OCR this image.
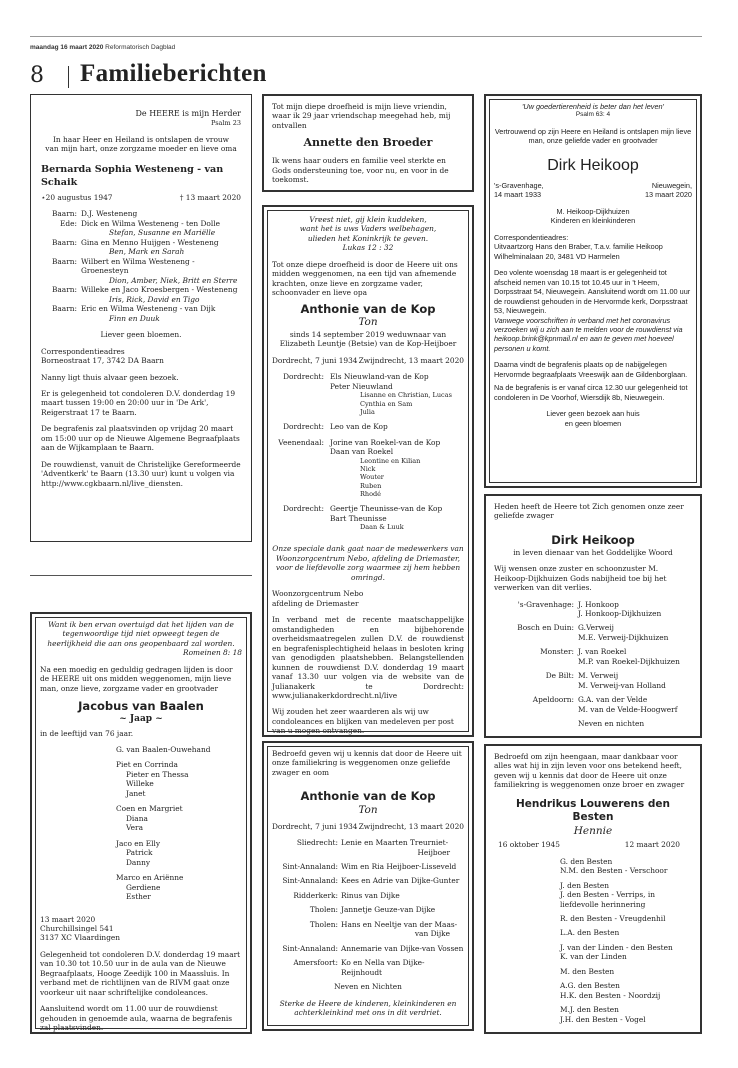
maandag 16 maart 2020 Reformatorisch Dagblad
8 Familieberichten
De HEERE is mijn Herder
Psalm 23
In haar Heer en Heiland is ontslapen de vrouw
van mijn hart, onze zorgzame moeder en lieve oma
Bernarda Sophia Westeneng - van Schaik
⋆20 augustus 1947	† 13 maart 2020
Baarn: D.J. Westeneng
Ede: Dick en Wilma Westeneng - ten Dolle
Stefan, Susanne en Mariëlle
Baarn: Gina en Menno Huijgen - Westeneng
Ben, Mark en Sarah
Baarn: Wilbert en Wilma Westeneng - Groenesteyn
Dion, Amber, Niek, Britt en Sterre
Baarn: Willeke en Jaco Kroesbergen - Westeneng
Iris, Rick, David en Tigo
Baarn: Eric en Wilma Westeneng - van Dijk
Finn en Duuk
Liever geen bloemen.
Correspondentieadres
Borneostraat 17, 3742 DA Baarn
Nanny ligt thuis alvaar geen bezoek.
Er is gelegenheid tot condoleren D.V. donderdag 19 maart tussen 19:00 en 20:00 uur in 'De Ark', Reigerstraat 17 te Baarn.
De begrafenis zal plaatsvinden op vrijdag 20 maart om 15:00 uur op de Nieuwe Algemene Begraafplaats aan de Wijkamplaan te Baarn.
De rouwdienst, vanuit de Christelijke Gereformeerde 'Adventkerk' te Baarn (13.30 uur) kunt u volgen via http://www.cgkbaarn.nl/live_diensten.
Tot mijn diepe droefheid is mijn lieve vriendin, waar ik 29 jaar vriendschap meegehad heb, mij ontvallen
Annette den Broeder
Ik wens haar ouders en familie veel sterkte en Gods ondersteuning toe, voor nu, en voor in de toekomst.
Vreest niet, gij klein kuddeken,
want het is uws Vaders welbehagen,
ulieden het Koninkrijk te geven.
Lukas 12 : 32
Tot onze diepe droefheid is door de Heere uit ons midden weggenomen, na een tijd van afnemende krachten, onze lieve en zorgzame vader, schoonvader en lieve opa
Anthonie van de Kop
Ton
sinds 14 september 2019 weduwnaar van Elizabeth Leuntje (Betsie) van de Kop-Heijboer
Dordrecht, 7 juni 1934 Zwijndrecht, 13 maart 2020
Dordrecht: Els Nieuwland-van de Kop
Peter Nieuwland
Lisanne en Christian, Lucas
Cynthia en Sam
Julia
Dordrecht: Leo van de Kop
Veenendaal: Jorine van Roekel-van de Kop
Daan van Roekel
Leontine en Kilian
Nick
Wouter
Ruben
Rhodé
Dordrecht: Geertje Theunisse-van de Kop
Bart Theunisse
Daan & Luuk
Onze speciale dank gaat naar de medewerkers van Woonzorgcentrum Nebo, afdeling de Driemaster, voor de liefdevolle zorg waarmee zij hem hebben omringd.
Woonzorgcentrum Nebo
afdeling de Driemaster
In verband met de recente maatschappelijke omstandigheden en bijbehorende overheidsmaatregelen zullen D.V. de rouwdienst en begrafenisplechtigheid helaas in besloten kring van genodigden plaatshebben. Belangstellenden kunnen de rouwdienst D.V. donderdag 19 maart vanaf 13.30 uur volgen via de website van de Julianakerk te Dordrecht: www.julianakerkdordrecht.nl/live
Wij zouden het zeer waarderen als wij uw condoleances en blijken van medeleven per post van u mogen ontvangen.
Bedroefd geven wij u kennis dat door de Heere uit onze familiekring is weggenomen onze geliefde zwager en oom
Anthonie van de Kop
Ton
Dordrecht, 7 juni 1934 Zwijndrecht, 13 maart 2020
Sliedrecht: Lenie en Maarten Treurniet-
Heijboer
Sint-Annaland: Wim en Ria Heijboer-Lisseveld
Sint-Annaland: Kees en Adrie van Dijke-Gunter
Ridderkerk: Rinus van Dijke
Tholen: Jannetje Geuze-van Dijke
Tholen: Hans en Neeltje van der Maas-
van Dijke
Sint-Annaland: Annemarie van Dijke-van Vossen
Amersfoort: Ko en Nella van Dijke-Reijnhoudt
Neven en Nichten
Sterke de Heere de kinderen, kleinkinderen en achterkleinkind met ons in dit verdriet.
'Uw goedertierenheid is beter dan het leven'
Psalm 63: 4
Vertrouwend op zijn Heere en Heiland is ontslapen mijn lieve man, onze geliefde vader en grootvader
Dirk Heikoop
's-Gravenhage,	Nieuwegein,
14 maart 1933	13 maart 2020
M. Heikoop-Dijkhuizen
Kinderen en kleinkinderen
Correspondentieadres:
Uitvaartzorg Hans den Braber, T.a.v. familie Heikoop
Wilhelminalaan 20, 3481 VD Harmelen
Deo volente woensdag 18 maart is er gelegenheid tot afscheid nemen van 10.15 tot 10.45 uur in 't Heem, Dorpsstraat 54, Nieuwegein. Aansluitend wordt om 11.00 uur de rouwdienst gehouden in de Hervormde kerk, Dorpsstraat 53, Nieuwegein.
Vanwege voorschriften in verband met het coronavirus verzoeken wij u zich aan te melden voor de rouwdienst via heikoop.brink@kpnmail.nl en aan te geven met hoeveel personen u komt.
Daarna vindt de begrafenis plaats op de nabijgelegen Hervormde begraafplaats Vreeswijk aan de Gildenborglaan.
Na de begrafenis is er vanaf circa 12.30 uur gelegenheid tot condoleren in De Voorhof, Wiersdijk 8b, Nieuwegein.
Liever geen bezoek aan huis
en geen bloemen
Heden heeft de Heere tot Zich genomen onze zeer geliefde zwager
Dirk Heikoop
in leven dienaar van het Goddelijke Woord
Wij wensen onze zuster en schoonzuster M. Heikoop-Dijkhuizen Gods nabijheid toe bij het verwerken van dit verlies.
's-Gravenhage: J. Honkoop
J. Honkoop-Dijkhuizen
Bosch en Duin: G.Verweij
M.E. Verweij-Dijkhuizen
Monster: J. van Roekel
M.P. van Roekel-Dijkhuizen
De Bilt: M. Verweij
M. Verweij-van Holland
Apeldoorn: G.A. van der Velde
M. van de Velde-Hoogwerf
Neven en nichten
Want ik ben ervan overtuigd dat het lijden van de tegenwoordige tijd niet opweegt tegen de heerlijkheid die aan ons geopenbaard zal worden.
Romeinen 8: 18
Na een moedig en geduldig gedragen lijden is door de HEERE uit ons midden weggenomen, mijn lieve man, onze lieve, zorgzame vader en grootvader
Jacobus van Baalen
~ Jaap ~
in de leeftijd van 76 jaar.
G. van Baalen-Ouwehand
Piet en Corrinda
Pieter en Thessa
Willeke
Janet
Coen en Margriet
Diana
Vera
Jaco en Elly
Patrick
Danny
Marco en Ariënne
Gerdiene
Esther
13 maart 2020
Churchillsingel 541
3137 XC Vlaardingen
Gelegenheid tot condoleren D.V. donderdag 19 maart van 10.30 tot 10.50 uur in de aula van de Nieuwe Begraafplaats, Hooge Zeedijk 100 in Maassluis. In verband met de richtlijnen van de RIVM gaat onze voorkeur uit naar schriftelijke condoleances.
Aansluitend wordt om 11.00 uur de rouwdienst gehouden in genoemde aula, waarna de begrafenis zal plaatsvinden.
Bedroefd om zijn heengaan, maar dankbaar voor alles wat hij in zijn leven voor ons betekend heeft, geven wij u kennis dat door de Heere uit onze familiekring is weggenomen onze broer en zwager
Hendrikus Louwerens den Besten
Hennie
16 oktober 1945	12 maart 2020
G. den Besten
N.M. den Besten - Verschoor
J. den Besten
J. den Besten - Verrips, in liefdevolle herinnering
R. den Besten - Vreugdenhil
L.A. den Besten
J. van der Linden - den Besten
K. van der Linden
M. den Besten
A.G. den Besten
H.K. den Besten - Noordzij
M.J. den Besten
J.H. den Besten - Vogel
